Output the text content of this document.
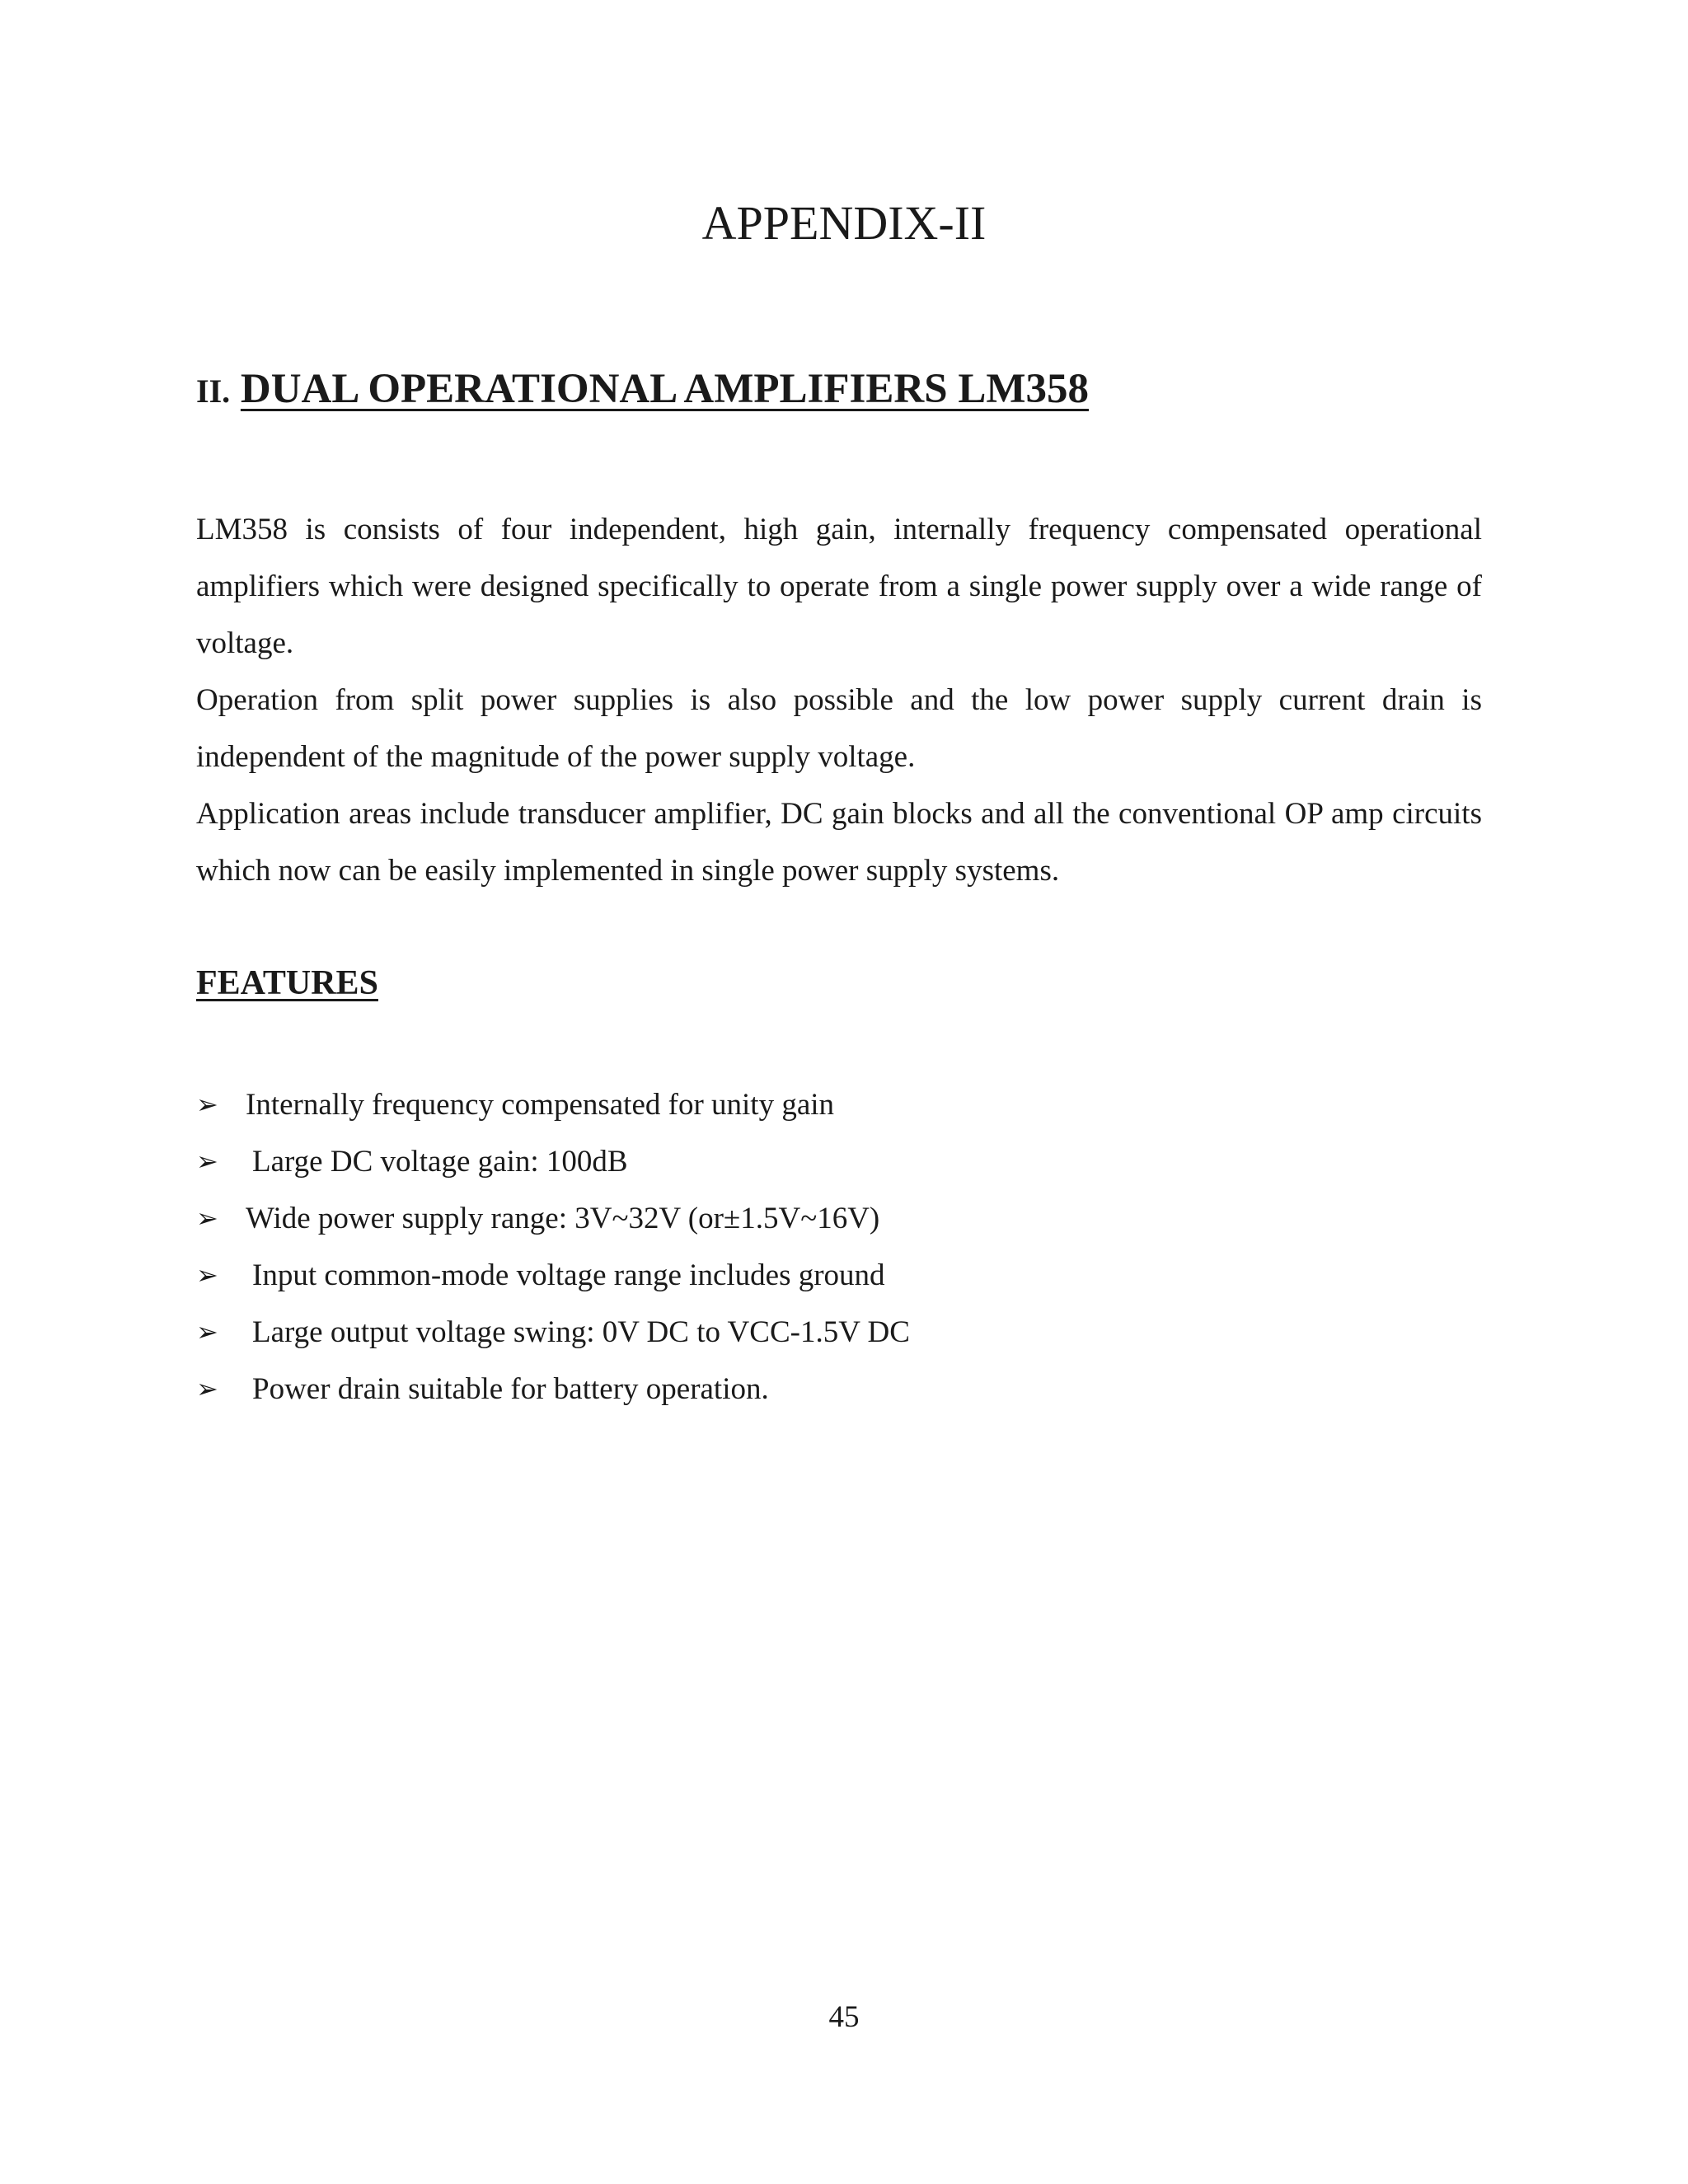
APPENDIX-II
II. DUAL OPERATIONAL AMPLIFIERS LM358

LM358 is consists of four independent, high gain, internally frequency compensated operational amplifiers which were designed specifically to operate from a single power supply over a wide range of voltage.

Operation from split power supplies is also possible and the low power supply current drain is independent of the magnitude of the power supply voltage.

Application areas include transducer amplifier, DC gain blocks and all the conventional OP amp circuits which now can be easily implemented in single power supply systems.

FEATURES
➢ Internally frequency compensated for unity gain
➢ Large DC voltage gain: 100dB
➢ Wide power supply range: 3V~32V (or±1.5V~16V)
➢ Input common-mode voltage range includes ground
➢ Large output voltage swing: 0V DC to VCC-1.5V DC
➢ Power drain suitable for battery operation.
45
